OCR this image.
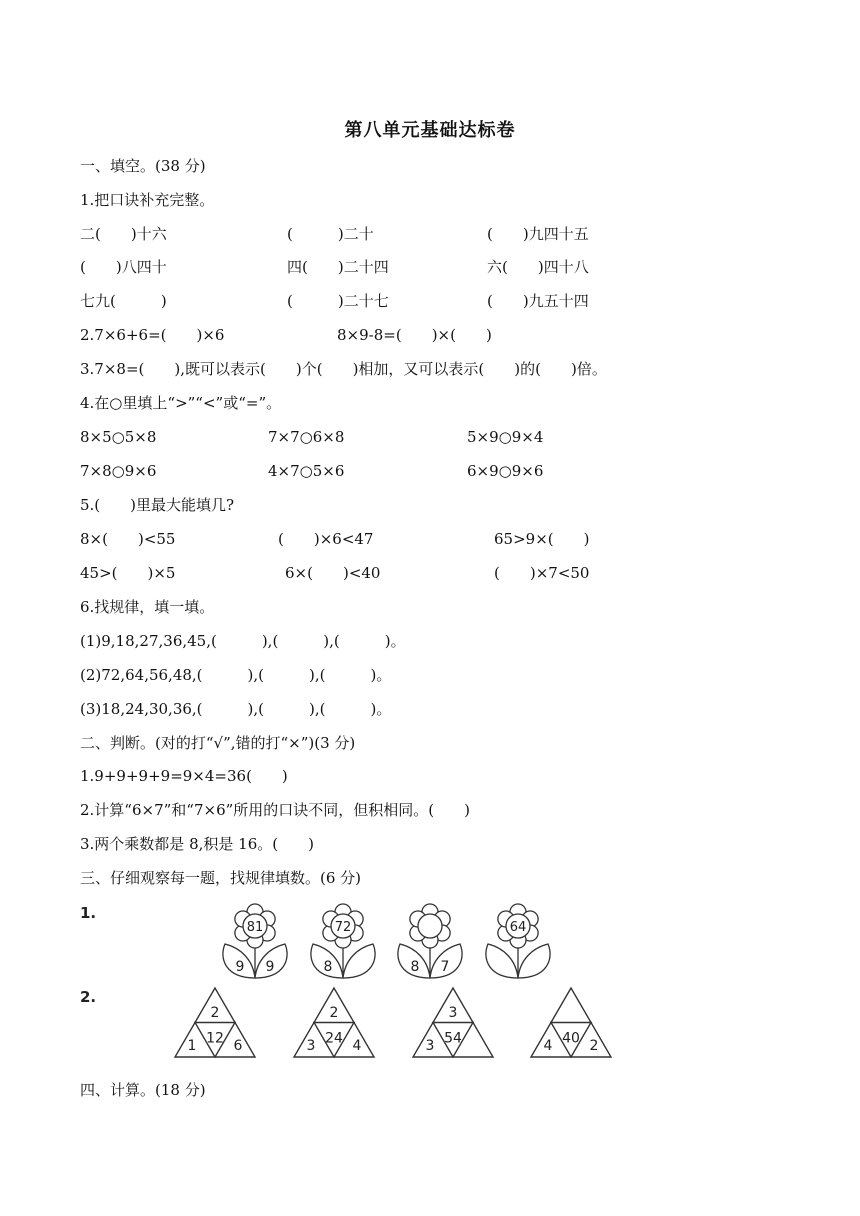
第八单元基础达标卷
一、填空。(38 分)
1.把口诀补充完整。
二(　　)十六	(　　　)二十	(　　)九四十五
(　　)八四十	四(　　)二十四	六(　　)四十八
七九(　　　)	(　　　)二十七	(　　)九五十四
2.7×6+6=(　　)×6	8×9-8=(　　)×(　　)
3.7×8=(　　),既可以表示(　　)个(　　)相加，又可以表示(　　)的(　　)倍。
4.在○里填上“>”“<”或“=”。
8×5○5×8	7×7○6×8	5×9○9×4
7×8○9×6	4×7○5×6	6×9○9×6
5.(　　)里最大能填几?
8×(　　)<55	(　　)×6<47	65>9×(　　)
45>(　　)×5	6×(　　)<40	(　　)×7<50
6.找规律，填一填。
(1)9,18,27,36,45,(　　　),(　　　),(　　　)。
(2)72,64,56,48,(　　　),(　　　),(　　　)。
(3)18,24,30,36,(　　　),(　　　),(　　　)。
二、判断。(对的打“√”,错的打“×”)(3 分)
1.9+9+9+9=9×4=36(　　)
2.计算“6×7”和“7×6”所用的口诀不同，但积相同。(　　)
3.两个乘数都是 8,积是 16。(　　)
三、仔细观察每一题，找规律填数。(6 分)
1.
2.
81
9 9
72
8	8 7
64
2
12
1	6
2
24
3	4
3
54
3	40
4	2
四、计算。(18 分)
